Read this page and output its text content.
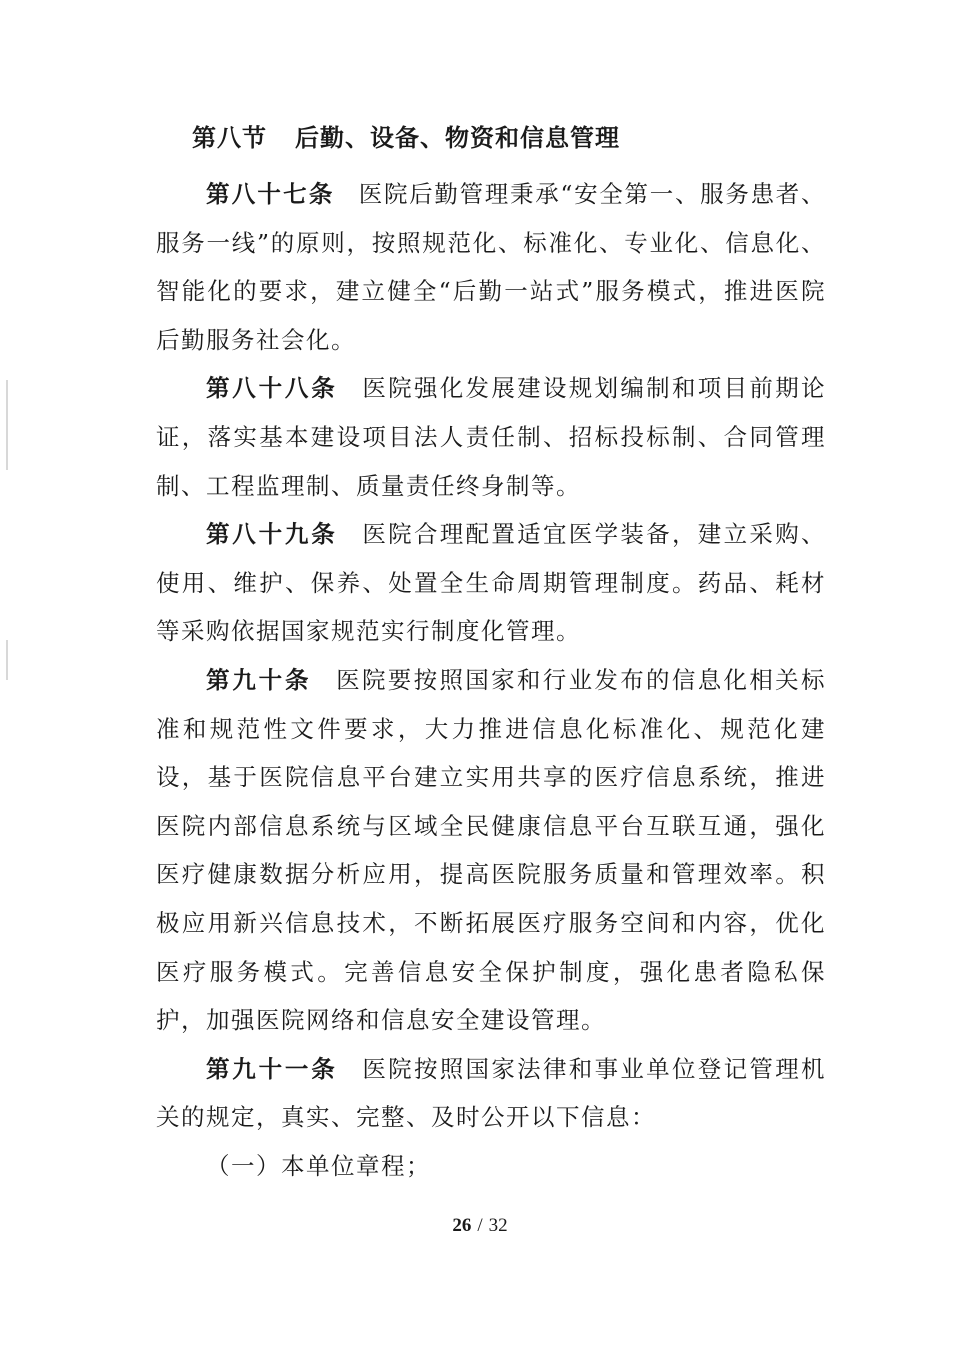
第八节 后勤、设备、物资和信息管理

第八十七条 医院后勤管理秉承“安全第一、服务患者、服务一线”的原则，按照规范化、标准化、专业化、信息化、智能化的要求，建立健全“后勤一站式”服务模式，推进医院后勤服务社会化。

第八十八条 医院强化发展建设规划编制和项目前期论证，落实基本建设项目法人责任制、招标投标制、合同管理制、工程监理制、质量责任终身制等。

第八十九条 医院合理配置适宜医学装备，建立采购、使用、维护、保养、处置全生命周期管理制度。药品、耗材等采购依据国家规范实行制度化管理。

第九十条 医院要按照国家和行业发布的信息化相关标准和规范性文件要求，大力推进信息化标准化、规范化建设，基于医院信息平台建立实用共享的医疗信息系统，推进医院内部信息系统与区域全民健康信息平台互联互通，强化医疗健康数据分析应用，提高医院服务质量和管理效率。积极应用新兴信息技术，不断拓展医疗服务空间和内容，优化医疗服务模式。完善信息安全保护制度，强化患者隐私保护，加强医院网络和信息安全建设管理。

第九十一条 医院按照国家法律和事业单位登记管理机关的规定，真实、完整、及时公开以下信息：

（一）本单位章程；

26 / 32
